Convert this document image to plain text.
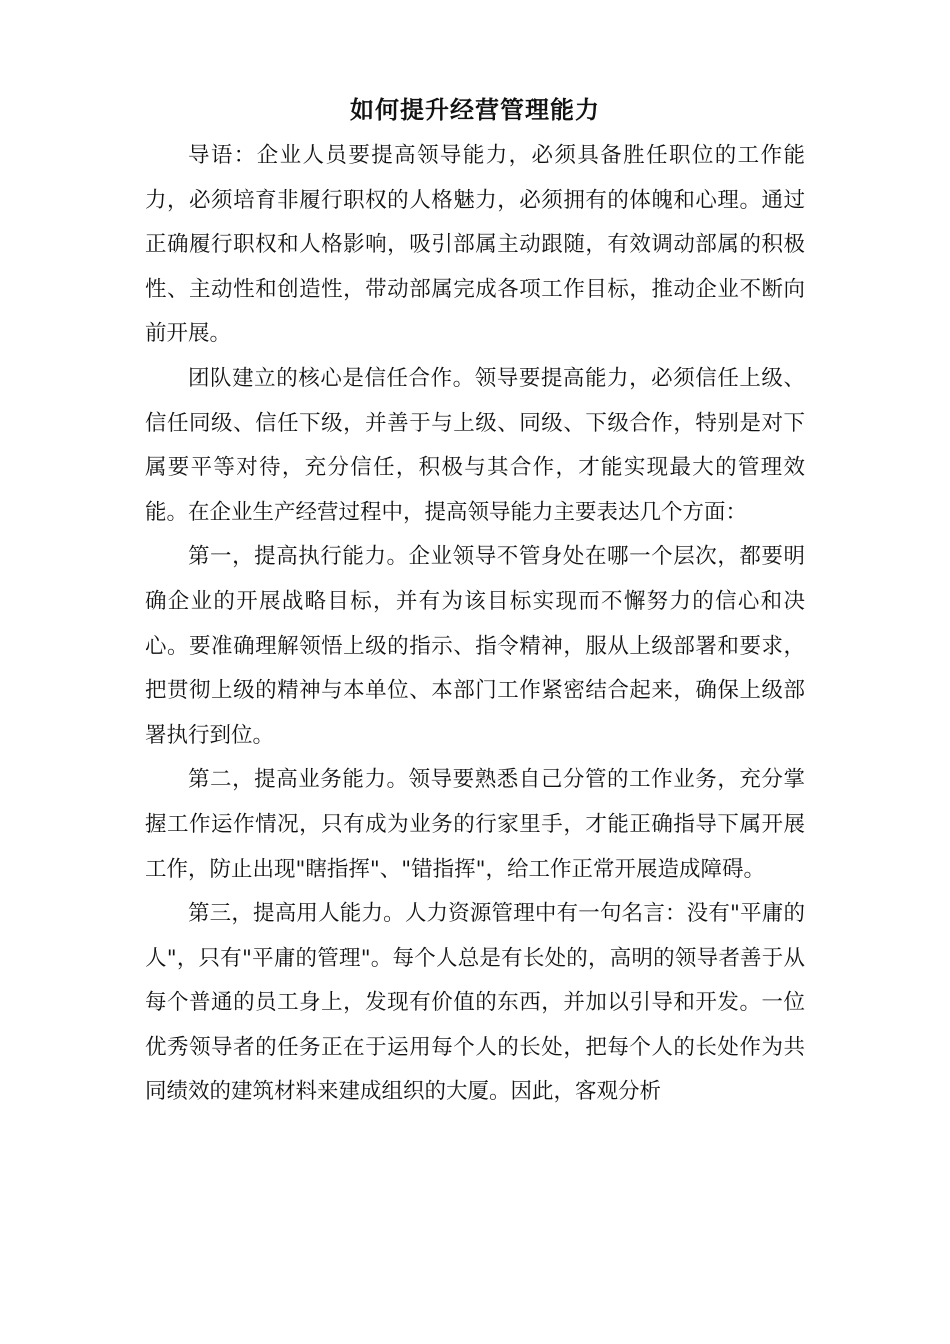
如何提升经营管理能力

导语：企业人员要提高领导能力，必须具备胜任职位的工作能力，必须培育非履行职权的人格魅力，必须拥有的体魄和心理。通过正确履行职权和人格影响，吸引部属主动跟随，有效调动部属的积极性、主动性和创造性，带动部属完成各项工作目标，推动企业不断向前开展。

团队建立的核心是信任合作。领导要提高能力，必须信任上级、信任同级、信任下级，并善于与上级、同级、下级合作，特别是对下属要平等对待，充分信任，积极与其合作，才能实现最大的管理效能。在企业生产经营过程中，提高领导能力主要表达几个方面：

第一，提高执行能力。企业领导不管身处在哪一个层次，都要明确企业的开展战略目标，并有为该目标实现而不懈努力的信心和决心。要准确理解领悟上级的指示、指令精神，服从上级部署和要求，把贯彻上级的精神与本单位、本部门工作紧密结合起来，确保上级部署执行到位。

第二，提高业务能力。领导要熟悉自己分管的工作业务，充分掌握工作运作情况，只有成为业务的行家里手，才能正确指导下属开展工作，防止出现"瞎指挥"、"错指挥"，给工作正常开展造成障碍。

第三，提高用人能力。人力资源管理中有一句名言：没有"平庸的人"，只有"平庸的管理"。每个人总是有长处的，高明的领导者善于从每个普通的员工身上，发现有价值的东西，并加以引导和开发。一位优秀领导者的任务正在于运用每个人的长处，把每个人的长处作为共同绩效的建筑材料来建成组织的大厦。因此，客观分析
